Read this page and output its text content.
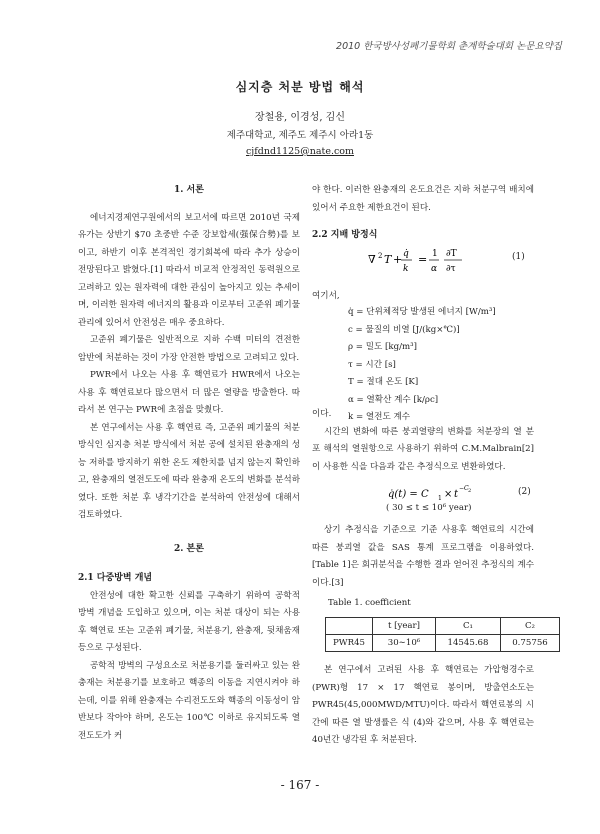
2010 한국방사성폐기물학회 춘계학술대회 논문요약집
심지층 처분 방법 해석
장철용, 이경성, 김신
제주대학교, 제주도 제주시 아라1동
cjfdnd1125@nate.com
1. 서론

에너지경제연구원에서의 보고서에 따르면 2010년 국제유가는 상반기 $70 초중반 수준 강보합세(强保合勢)를 보이고, 하반기 이후 본격적인 경기회복에 따라 추가 상승이 전망된다고 밝혔다.[1] 따라서 비교적 안정적인 동력원으로 고려하고 있는 원자력에 대한 관심이 높아지고 있는 추세이며, 이러한 원자력 에너지의 활용과 이로부터 고준위 폐기물 관리에 있어서 안전성은 매우 중요하다.

고준위 폐기물은 일반적으로 지하 수백 미터의 견전한 암반에 처분하는 것이 가장 안전한 방법으로 고려되고 있다.

PWR에서 나오는 사용 후 핵연료가 HWR에서 나오는 사용 후 핵연료보다 많으면서 더 많은 열량을 방출한다. 따라서 본 연구는 PWR에 초점을 맞췄다.

본 연구에서는 사용 후 핵연료 즉, 고준위 폐기물의 처분 방식인 심지층 처분 방식에서 처분 공에 설치된 완충재의 성능 저하를 방지하기 위한 온도 제한치를 넘지 않는지 확인하고, 완충재의 열전도도에 따라 완충재 온도의 변화를 분석하였다. 또한 처분 후 냉각기간을 분석하여 안전성에 대해서 검토하였다.

2. 본론
2.1 다중방벽 개념

안전성에 대한 확고한 신뢰를 구축하기 위하여 공학적 방벽 개념을 도입하고 있으며, 이는 처분 대상이 되는 사용 후 핵연료 또는 고준위 폐기물, 처분용기, 완충재, 뒷채움재 등으로 구성된다.

공학적 방벽의 구성요소로 처분용기를 둘러싸고 있는 완충재는 처분용기를 보호하고 핵종의 이동을 지연시켜야 하는데, 이를 위해 완충재는 수리전도도와 핵종의 이동성이 암반보다 작아야 하며, 온도는 100℃ 이하로 유지되도록 열전도도가 커

야 한다. 이러한 완충재의 온도요건은 지하 처분구역 배치에 있어서 주요한 제한요건이 된다.

2.2 지배 방정식
∇ 2 T + q̇
k
= 1
α
∂T
∂τ
(1)

여기서,

q̇ = 단위체적당 발생된 에너지 [W/m³]
c = 물질의 비열 [J/(kg×℃)]
ρ = 밀도 [kg/m³]
τ = 시간 [s]
T = 절대 온도 [K]
α = 열확산 계수 [k/ρc]
k = 열전도 계수

이다.

시간의 변화에 따른 붕괴열량의 변화를 처분장의 열 분포 해석의 열원항으로 사용하기 위하여 C.M.Malbrain[2]이 사용한 식을 다음과 같은 추정식으로 변환하였다.

q̇(t) = C 1 × t
−C 2	(2)
( 30 ≤ t ≤ 10⁶ year)

상기 추정식을 기준으로 기준 사용후 핵연료의 시간에 따른 붕괴열 값을 SAS 통계 프로그램을 이용하였다. [Table 1]은 회귀분석을 수행한 결과 얻어진 추정식의 계수이다.[3]

Table 1. coefficient
	t [year]	C₁	C₂
PWR45	30∼10⁶	14545.68	0.75756

본 연구에서 고려된 사용 후 핵연료는 가압형경수로(PWR)형 17 × 17 핵연료 봉이며, 방출연소도는 PWR45(45,000MWD/MTU)이다. 따라서 핵연료봉의 시간에 따른 열 발생률은 식 (4)와 같으며, 사용 후 핵연료는 40년간 냉각된 후 처분된다.

- 167 -
